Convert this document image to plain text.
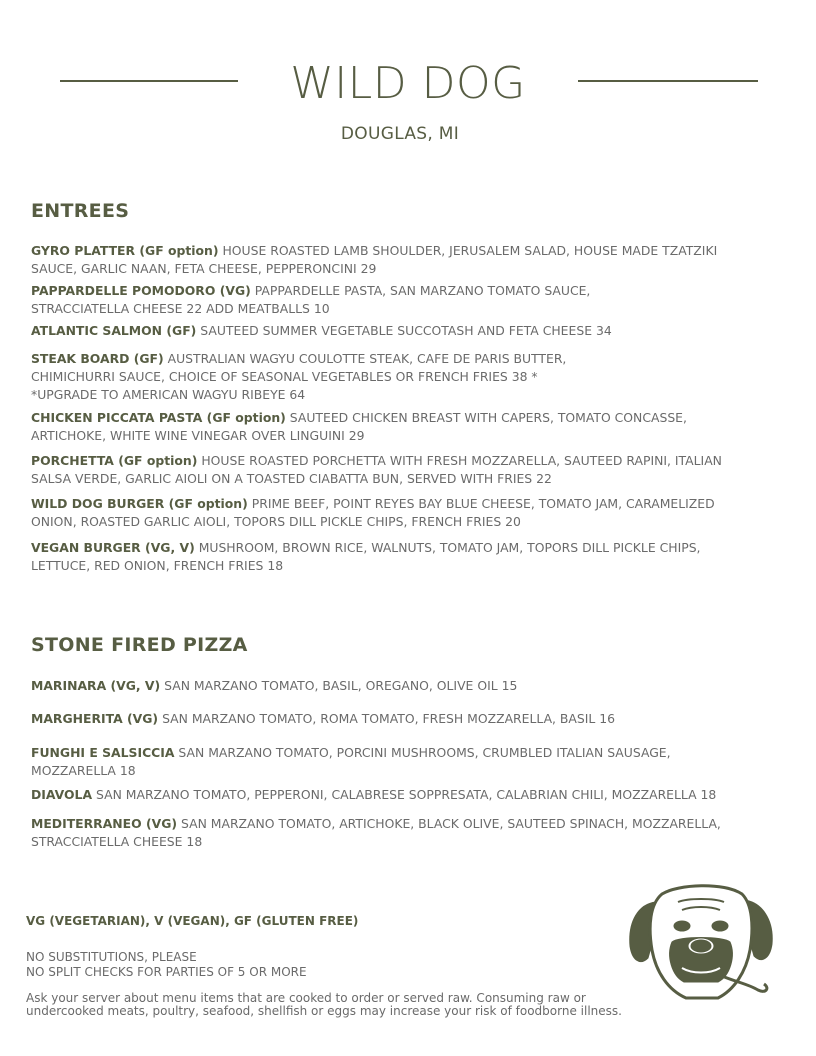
WILD DOG
DOUGLAS, MI
ENTREES
GYRO PLATTER (GF option) HOUSE ROASTED LAMB SHOULDER, JERUSALEM SALAD, HOUSE MADE TZATZIKI
SAUCE, GARLIC NAAN, FETA CHEESE, PEPPERONCINI 29
PAPPARDELLE POMODORO (VG) PAPPARDELLE PASTA, SAN MARZANO TOMATO SAUCE,
STRACCIATELLA CHEESE 22 ADD MEATBALLS 10
ATLANTIC SALMON (GF) SAUTEED SUMMER VEGETABLE SUCCOTASH AND FETA CHEESE 34
STEAK BOARD (GF) AUSTRALIAN WAGYU COULOTTE STEAK, CAFE DE PARIS BUTTER,
CHIMICHURRI SAUCE, CHOICE OF SEASONAL VEGETABLES OR FRENCH FRIES 38 *
*UPGRADE TO AMERICAN WAGYU RIBEYE 64
CHICKEN PICCATA PASTA (GF option) SAUTEED CHICKEN BREAST WITH CAPERS, TOMATO CONCASSE,
ARTICHOKE, WHITE WINE VINEGAR OVER LINGUINI 29
PORCHETTA (GF option) HOUSE ROASTED PORCHETTA WITH FRESH MOZZARELLA, SAUTEED RAPINI, ITALIAN
SALSA VERDE, GARLIC AIOLI ON A TOASTED CIABATTA BUN, SERVED WITH FRIES 22
WILD DOG BURGER (GF option) PRIME BEEF, POINT REYES BAY BLUE CHEESE, TOMATO JAM, CARAMELIZED
ONION, ROASTED GARLIC AIOLI, TOPORS DILL PICKLE CHIPS, FRENCH FRIES 20
VEGAN BURGER (VG, V) MUSHROOM, BROWN RICE, WALNUTS, TOMATO JAM, TOPORS DILL PICKLE CHIPS,
LETTUCE, RED ONION, FRENCH FRIES 18
STONE FIRED PIZZA
MARINARA (VG, V) SAN MARZANO TOMATO, BASIL, OREGANO, OLIVE OIL 15
MARGHERITA (VG) SAN MARZANO TOMATO, ROMA TOMATO, FRESH MOZZARELLA, BASIL 16
FUNGHI E SALSICCIA SAN MARZANO TOMATO, PORCINI MUSHROOMS, CRUMBLED ITALIAN SAUSAGE,
MOZZARELLA 18
DIAVOLA SAN MARZANO TOMATO, PEPPERONI, CALABRESE SOPPRESATA, CALABRIAN CHILI, MOZZARELLA 18
MEDITERRANEO (VG) SAN MARZANO TOMATO, ARTICHOKE, BLACK OLIVE, SAUTEED SPINACH, MOZZARELLA,
STRACCIATELLA CHEESE 18
VG (VEGETARIAN), V (VEGAN), GF (GLUTEN FREE)
NO SUBSTITUTIONS, PLEASE
NO SPLIT CHECKS FOR PARTIES OF 5 OR MORE
Ask your server about menu items that are cooked to order or served raw. Consuming raw or undercooked meats, poultry, seafood, shellfish or eggs may increase your risk of foodborne illness.
